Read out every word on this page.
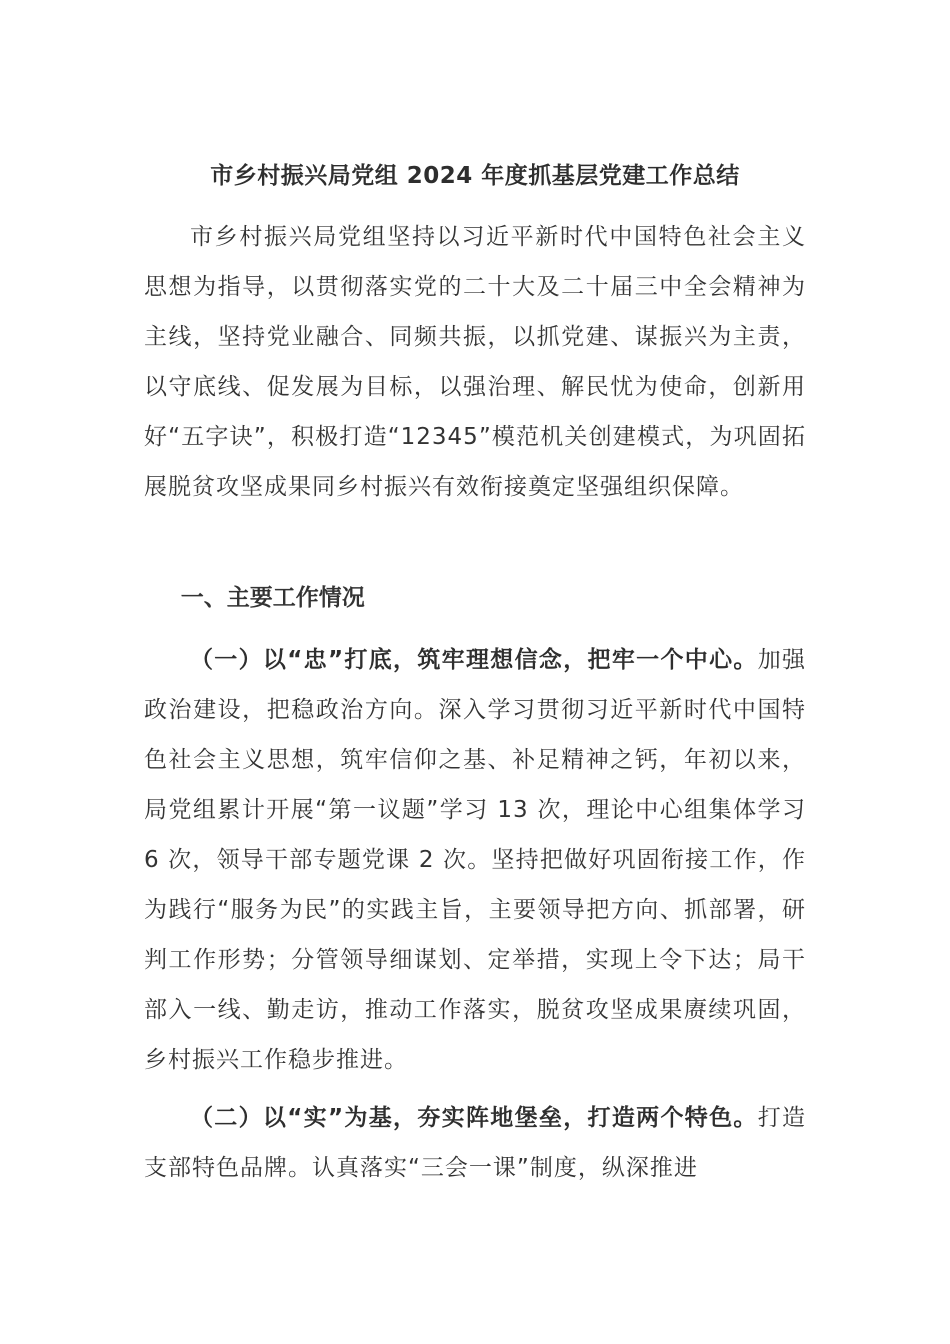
市乡村振兴局党组 2024 年度抓基层党建工作总结

市乡村振兴局党组坚持以习近平新时代中国特色社会主义思想为指导，以贯彻落实党的二十大及二十届三中全会精神为主线，坚持党业融合、同频共振，以抓党建、谋振兴为主责，以守底线、促发展为目标，以强治理、解民忧为使命，创新用好“五字诀”，积极打造“12345”模范机关创建模式，为巩固拓展脱贫攻坚成果同乡村振兴有效衔接奠定坚强组织保障。

一、主要工作情况

（一）以“忠”打底，筑牢理想信念，把牢一个中心。加强政治建设，把稳政治方向。深入学习贯彻习近平新时代中国特色社会主义思想，筑牢信仰之基、补足精神之钙，年初以来，局党组累计开展“第一议题”学习 13 次，理论中心组集体学习 6 次，领导干部专题党课 2 次。坚持把做好巩固衔接工作，作为践行“服务为民”的实践主旨，主要领导把方向、抓部署，研判工作形势；分管领导细谋划、定举措，实现上令下达；局干部入一线、勤走访，推动工作落实，脱贫攻坚成果赓续巩固，乡村振兴工作稳步推进。

（二）以“实”为基，夯实阵地堡垒，打造两个特色。打造支部特色品牌。认真落实“三会一课”制度，纵深推进
